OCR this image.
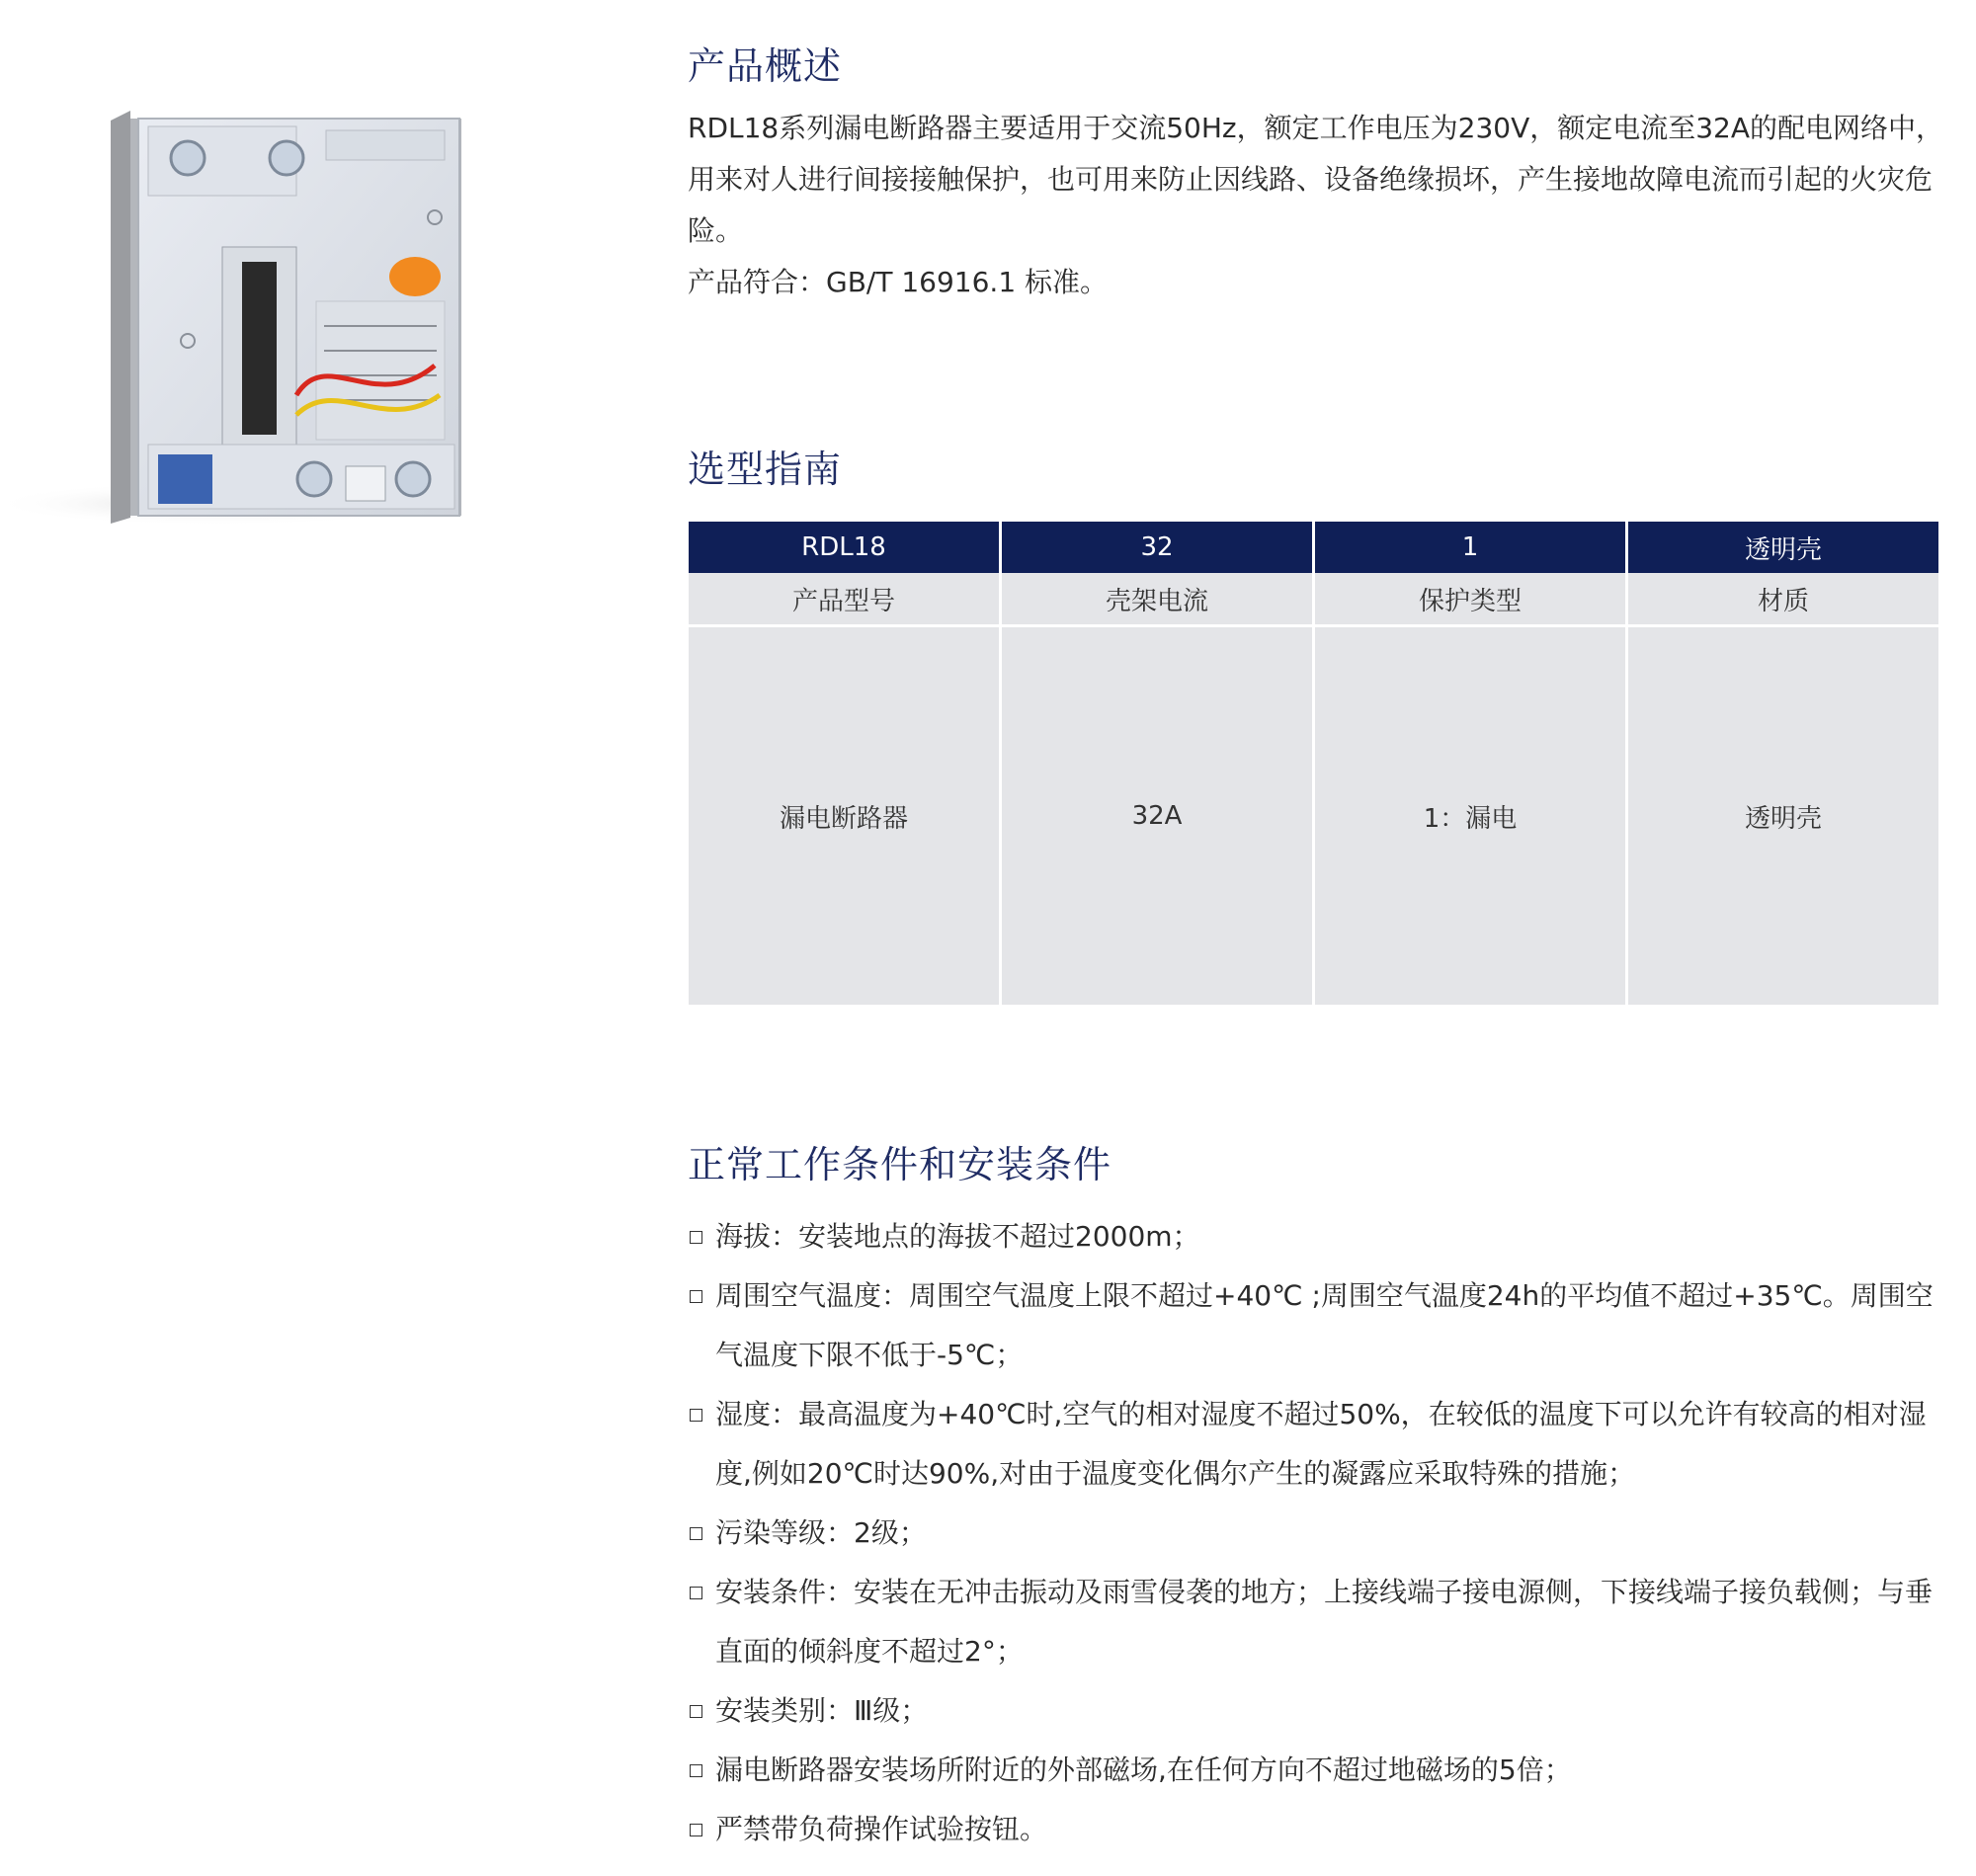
产品概述

RDL18系列漏电断路器主要适用于交流50Hz，额定工作电压为230V，额定电流至32A的配电网络中，用来对人进行间接接触保护，也可用来防止因线路、设备绝缘损坏，产生接地故障电流而引起的火灾危险。

产品符合：GB/T 16916.1 标准。

选型指南
RDL18	32	1	透明壳
产品型号	壳架电流	保护类型	材质
漏电断路器	32A	1：漏电	透明壳
正常工作条件和安装条件
海拔：安装地点的海拔不超过2000m；
周围空气温度：周围空气温度上限不超过+40℃ ;周围空气温度24h的平均值不超过+35℃。周围空气温度下限不低于-5℃；
湿度：最高温度为+40℃时,空气的相对湿度不超过50%，在较低的温度下可以允许有较高的相对湿度,例如20℃时达90%,对由于温度变化偶尔产生的凝露应采取特殊的措施；
污染等级：2级；
安装条件：安装在无冲击振动及雨雪侵袭的地方；上接线端子接电源侧，下接线端子接负载侧；与垂直面的倾斜度不超过2°；
安装类别：Ⅲ级；
漏电断路器安装场所附近的外部磁场,在任何方向不超过地磁场的5倍；
严禁带负荷操作试验按钮。
